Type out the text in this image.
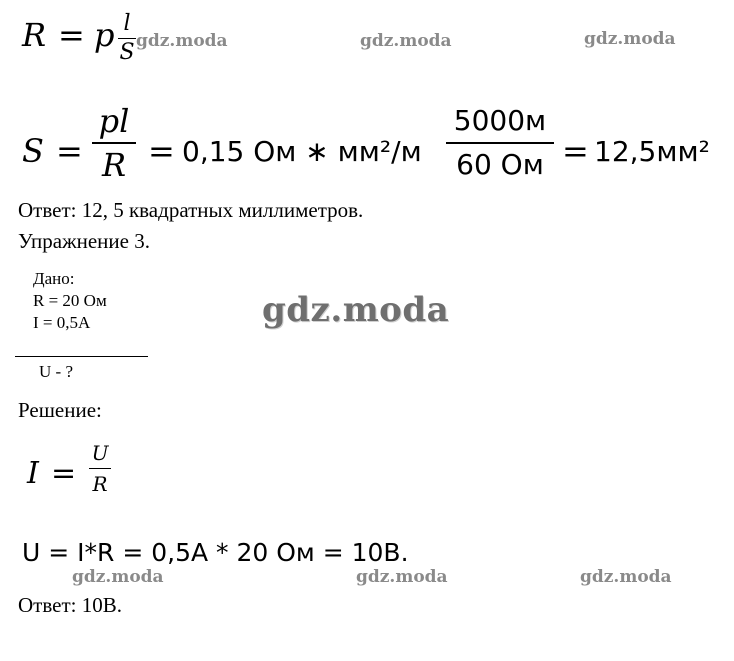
R = p l
S
S =
pl
R = 0,15 Ом ∗ мм²/м
5000м
60 Ом = 12,5мм²
Ответ: 12, 5 квадратных миллиметров.
Упражнение 3.
Дано:
R = 20 Ом
I = 0,5А
U - ?
Решение:
I =
U
R
U = I*R = 0,5А * 20 Ом = 10В.
Ответ: 10В.
gdz.moda	gdz.moda	gdz.moda
gdz.moda
gdz.moda	gdz.moda	gdz.moda
